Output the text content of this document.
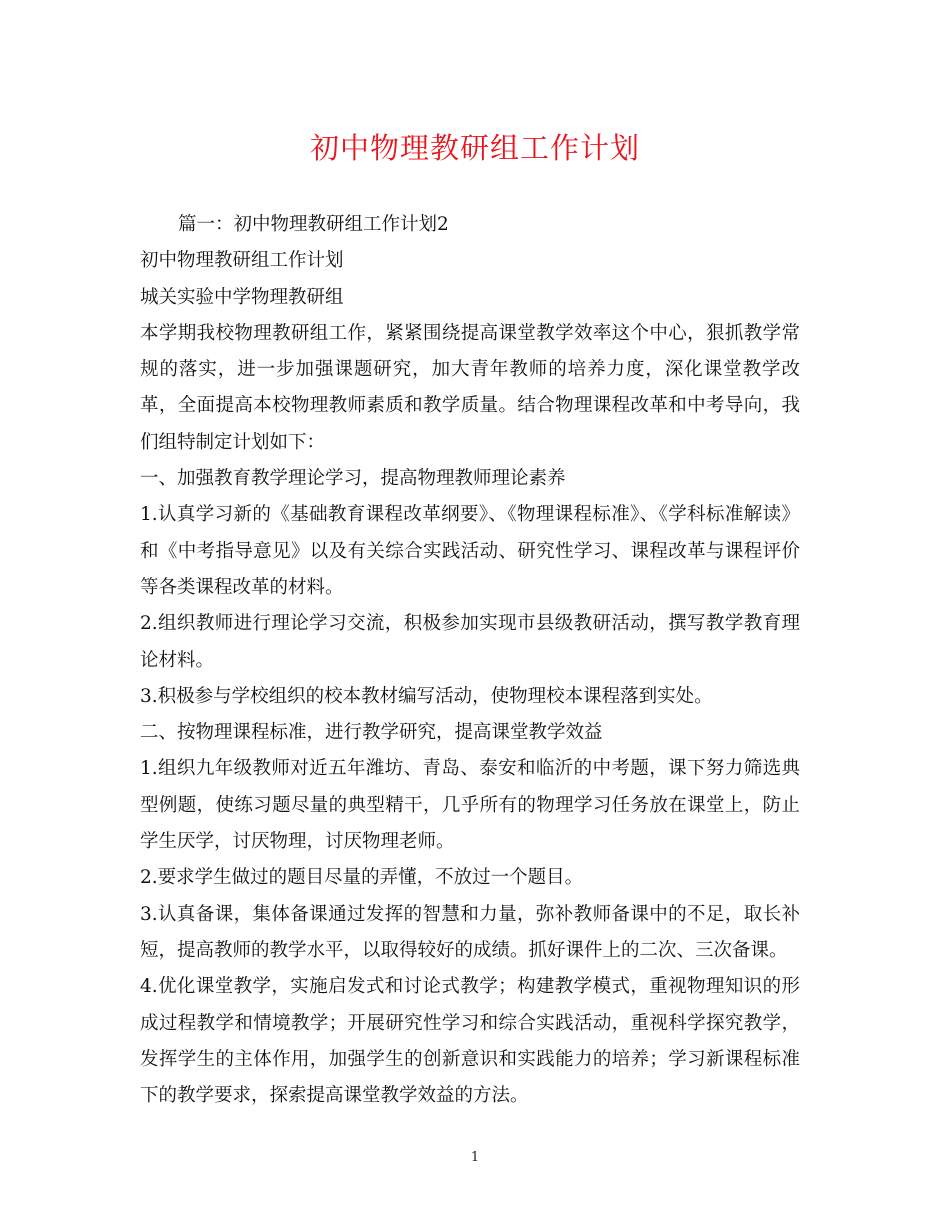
初中物理教研组工作计划

篇一：初中物理教研组工作计划2

初中物理教研组工作计划

城关实验中学物理教研组

本学期我校物理教研组工作，紧紧围绕提高课堂教学效率这个中心，狠抓教学常规的落实，进一步加强课题研究，加大青年教师的培养力度，深化课堂教学改革，全面提高本校物理教师素质和教学质量。结合物理课程改革和中考导向，我们组特制定计划如下：

一、加强教育教学理论学习，提高物理教师理论素养

1.认真学习新的《基础教育课程改革纲要》、《物理课程标准》、《学科标准解读》和《中考指导意见》以及有关综合实践活动、研究性学习、课程改革与课程评价等各类课程改革的材料。

2.组织教师进行理论学习交流，积极参加实现市县级教研活动，撰写教学教育理论材料。

3.积极参与学校组织的校本教材编写活动，使物理校本课程落到实处。

二、按物理课程标准，进行教学研究，提高课堂教学效益

1.组织九年级教师对近五年潍坊、青岛、泰安和临沂的中考题，课下努力筛选典型例题，使练习题尽量的典型精干，几乎所有的物理学习任务放在课堂上，防止学生厌学，讨厌物理，讨厌物理老师。

2.要求学生做过的题目尽量的弄懂，不放过一个题目。

3.认真备课，集体备课通过发挥的智慧和力量，弥补教师备课中的不足，取长补短，提高教师的教学水平，以取得较好的成绩。抓好课件上的二次、三次备课。

4.优化课堂教学，实施启发式和讨论式教学；构建教学模式，重视物理知识的形成过程教学和情境教学；开展研究性学习和综合实践活动，重视科学探究教学，发挥学生的主体作用，加强学生的创新意识和实践能力的培养；学习新课程标准下的教学要求，探索提高课堂教学效益的方法。

1
